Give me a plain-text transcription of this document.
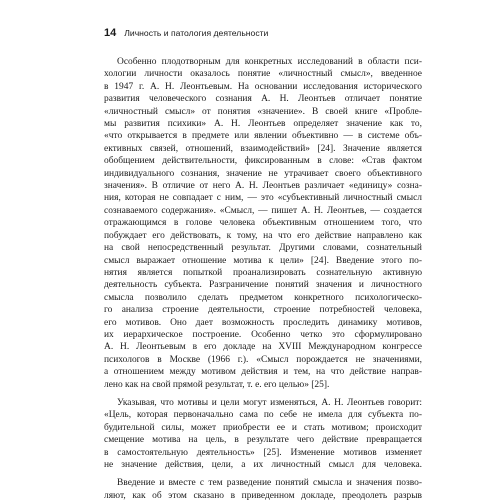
14 Личность и патология деятельности

Особенно плодотворным для конкретных исследований в области пси-
хологии личности оказалось понятие «личностный смысл», введенное
в 1947 г. А. Н. Леонтьевым. На основании исследования исторического
развития человеческого сознания А. Н. Леонтьев отличает понятие
«личностный смысл» от понятия «значение». В своей книге «Пробле-
мы развития психики» А. Н. Леонтьев определяет значение как то,
«что открывается в предмете или явлении объективно — в системе объ-
ективных связей, отношений, взаимодействий» [24]. Значение является
обобщением действительности, фиксированным в слове: «Став фактом
индивидуального сознания, значение не утрачивает своего объективного
значения». В отличие от него А. Н. Леонтьев различает «единицу» созна-
ния, которая не совпадает с ним, — это «субъективный личностный смысл
сознаваемого содержания». «Смысл, — пишет А. Н. Леонтьев, — создается
отражающимся в голове человека объективным отношением того, что
побуждает его действовать, к тому, на что его действие направлено как
на свой непосредственный результат. Другими словами, сознательный
смысл выражает отношение мотива к цели» [24]. Введение этого по-
нятия является попыткой проанализировать сознательную активную
деятельность субъекта. Разграничение понятий значения и личностного
смысла позволило сделать предметом конкретного психологическо-
го анализа строение деятельности, строение потребностей человека,
его мотивов. Оно дает возможность проследить динамику мотивов,
их иерархическое построение. Особенно четко это сформулировано
А. Н. Леонтьевым в его докладе на XVIII Международном конгрессе
психологов в Москве (1966 г.). «Смысл порождается не значениями,
а отношением между мотивом действия и тем, на что действие направ-
лено как на свой прямой результат, т. е. его целью» [25].

Указывая, что мотивы и цели могут изменяться, А. Н. Леонтьев говорит:
«Цель, которая первоначально сама по себе не имела для субъекта по-
будительной силы, может приобрести ее и стать мотивом; происходит
смещение мотива на цель, в результате чего действие превращается
в самостоятельную деятельность» [25]. Изменение мотивов изменяет
не значение действия, цели, а их личностный смысл для человека.

Введение и вместе с тем разведение понятий смысла и значения позво-
ляют, как об этом сказано в приведенном докладе, преодолеть разрыв
